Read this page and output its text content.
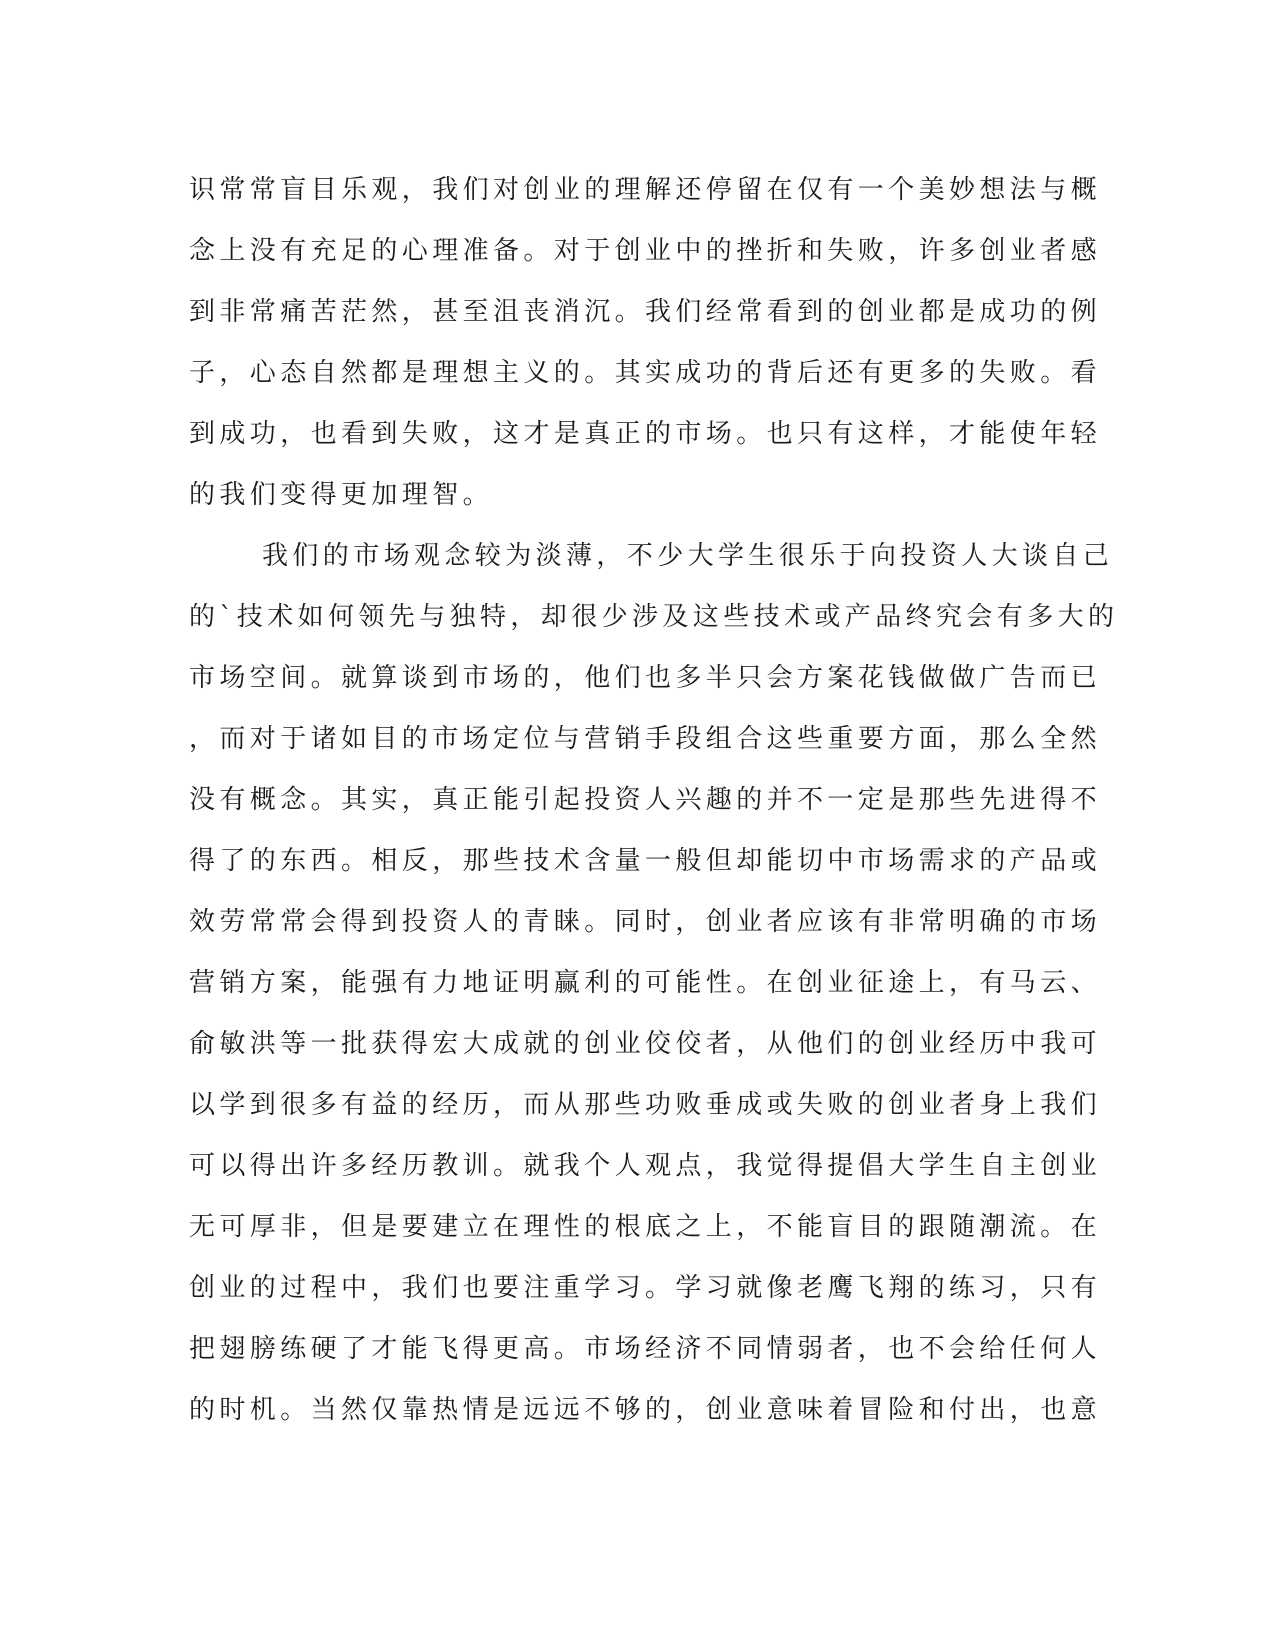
识常常盲目乐观，我们对创业的理解还停留在仅有一个美妙想法与概
念上没有充足的心理准备。对于创业中的挫折和失败，许多创业者感
到非常痛苦茫然，甚至沮丧消沉。我们经常看到的创业都是成功的例
子，心态自然都是理想主义的。其实成功的背后还有更多的失败。看
到成功，也看到失败，这才是真正的市场。也只有这样，才能使年轻
的我们变得更加理智。
我们的市场观念较为淡薄，不少大学生很乐于向投资人大谈自己
的`技术如何领先与独特，却很少涉及这些技术或产品终究会有多大的
市场空间。就算谈到市场的，他们也多半只会方案花钱做做广告而已
，而对于诸如目的市场定位与营销手段组合这些重要方面，那么全然
没有概念。其实，真正能引起投资人兴趣的并不一定是那些先进得不
得了的东西。相反，那些技术含量一般但却能切中市场需求的产品或
效劳常常会得到投资人的青睐。同时，创业者应该有非常明确的市场
营销方案，能强有力地证明赢利的可能性。在创业征途上，有马云、
俞敏洪等一批获得宏大成就的创业佼佼者，从他们的创业经历中我可
以学到很多有益的经历，而从那些功败垂成或失败的创业者身上我们
可以得出许多经历教训。就我个人观点，我觉得提倡大学生自主创业
无可厚非，但是要建立在理性的根底之上，不能盲目的跟随潮流。在
创业的过程中，我们也要注重学习。学习就像老鹰飞翔的练习，只有
把翅膀练硬了才能飞得更高。市场经济不同情弱者，也不会给任何人
的时机。当然仅靠热情是远远不够的，创业意味着冒险和付出，也意
